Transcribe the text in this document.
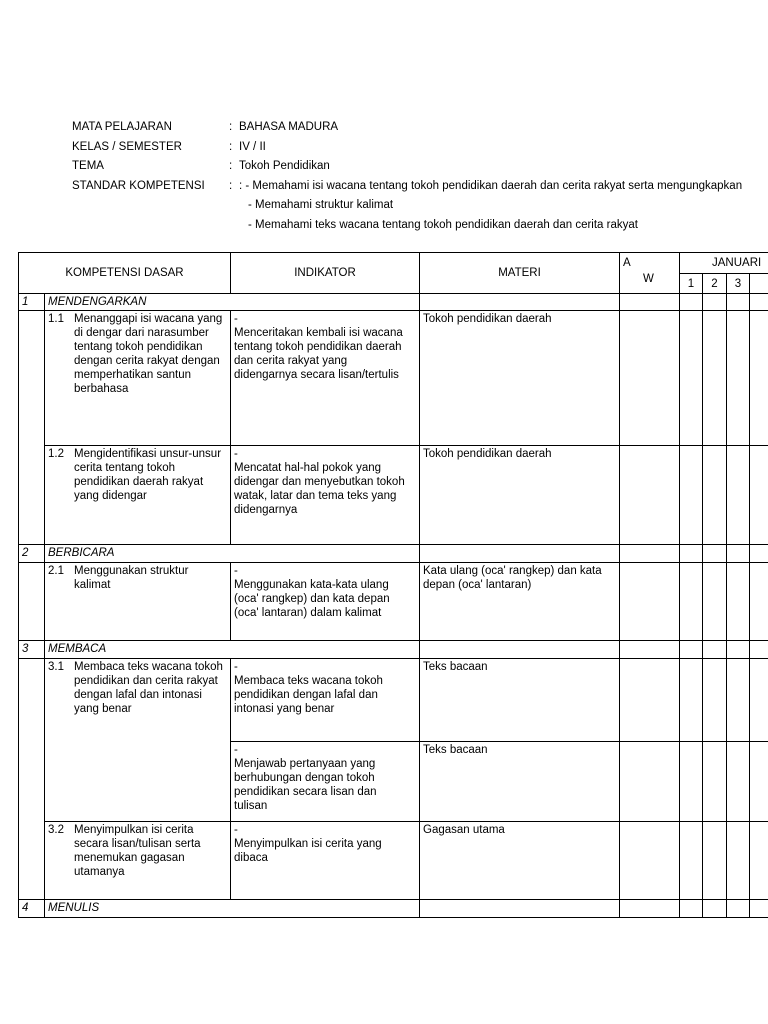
MATA PELAJARAN	: BAHASA MADURA
KELAS / SEMESTER	: IV / II
TEMA	: Tokoh Pendidikan
STANDAR KOMPETENSI : : - Memahami isi wacana tentang tokoh pendidikan daerah dan cerita rakyat serta mengungkapkan
- Memahami struktur kalimat
- Memahami teks wacana tentang tokoh pendidikan daerah dan cerita rakyat
KOMPETENSI DASAR		INDIKATOR	MATERI	A
W	JANUARI			
					1	2	3	
1	MENDENGARKAN							
	1.1 Menanggapi isi wacana yang di dengar dari narasumber tentang tokoh pendidikan dengan cerita rakyat dengan memperhatikan santun berbahasa	-Menceritakan kembali isi wacana tentang tokoh pendidikan daerah dan cerita rakyat yang didengarnya secara lisan/tertulis	Tokoh pendidikan daerah					
	1.2 Mengidentifikasi unsur-unsur cerita tentang tokoh pendidikan daerah rakyat yang didengar	-Mencatat hal-hal pokok yang didengar dan menyebutkan tokoh watak, latar dan tema teks yang didengarnya	Tokoh pendidikan daerah					
2	BERBICARA							
	2.1 Menggunakan struktur kalimat	-Menggunakan kata-kata ulang (oca' rangkep) dan kata depan (oca' lantaran) dalam kalimat	Kata ulang (oca' rangkep) dan kata depan (oca' lantaran)					
3	MEMBACA							
	3.1 Membaca teks wacana tokoh pendidikan dan cerita rakyat dengan lafal dan intonasi yang benar	-Membaca teks wacana tokoh pendidikan dengan lafal dan intonasi yang benar	Teks bacaan					
		-Menjawab pertanyaan yang berhubungan dengan tokoh pendidikan secara lisan dan tulisan	Teks bacaan					
	3.2 Menyimpulkan isi cerita secara lisan/tulisan serta menemukan gagasan utamanya	-Menyimpulkan isi cerita yang dibaca	Gagasan utama					
4	MENULIS							
